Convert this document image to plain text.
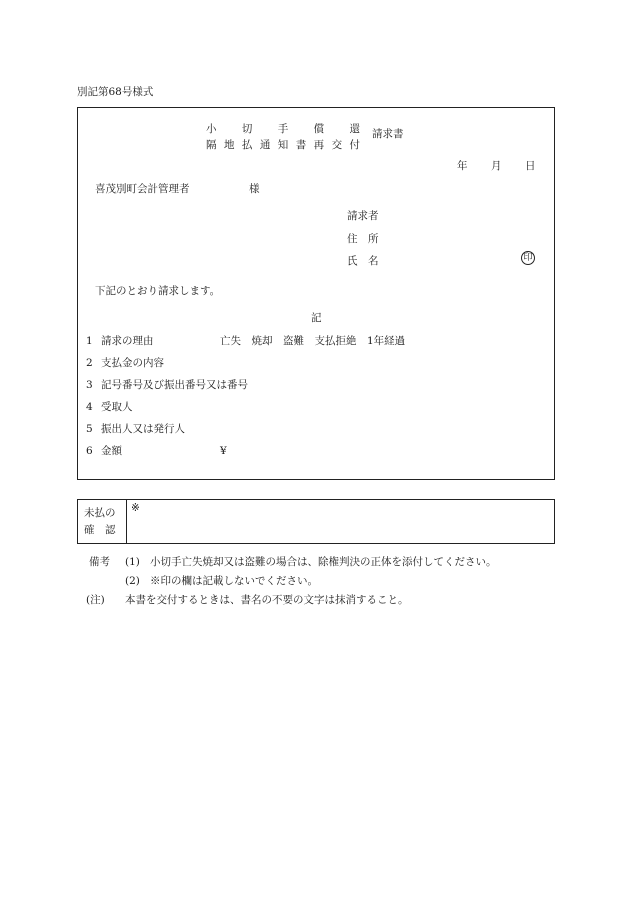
別記第68号様式
小 切 手 償 還
隔 地 払 通 知 書 再 交 付
請求書
年 月 日
喜茂別町会計管理者	様
請求者
住　所
氏　名	印
下記のとおり請求します。
記
1 請求の理由	亡失　焼却　盗難　支払拒絶　1年経過
2 支払金の内容
3 記号番号及び振出番号又は番号
4 受取人
5 振出人又は発行人
6 金額	¥
未払の
確　認
※
備考 (1) 小切手亡失焼却又は盗難の場合は、除権判決の正体を添付してください。
(2) ※印の欄は記載しないでください。
(注) 本書を交付するときは、書名の不要の文字は抹消すること。
